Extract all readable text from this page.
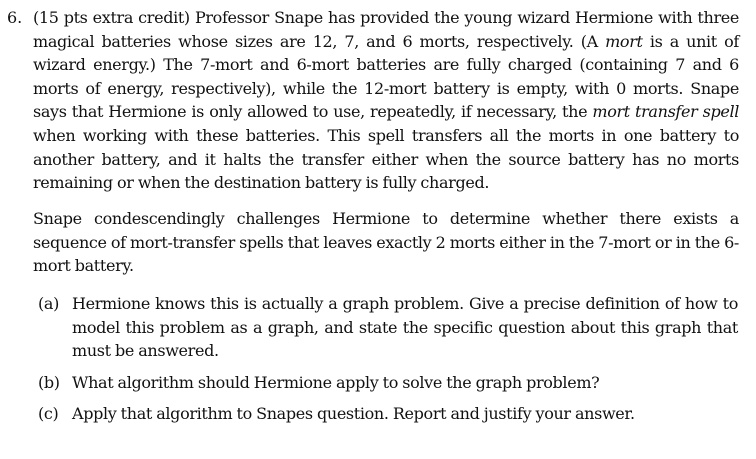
6. (15 pts extra credit) Professor Snape has provided the young wizard Hermione with three magical batteries whose sizes are 12, 7, and 6 morts, respectively. (A mort is a unit of wizard energy.) The 7-mort and 6-mort batteries are fully charged (containing 7 and 6 morts of energy, respectively), while the 12-mort battery is empty, with 0 morts. Snape says that Hermione is only allowed to use, repeatedly, if necessary, the mort transfer spell when working with these batteries. This spell transfers all the morts in one battery to another battery, and it halts the transfer either when the source battery has no morts remaining or when the destination battery is fully charged.

Snape condescendingly challenges Hermione to determine whether there exists a sequence of mort-transfer spells that leaves exactly 2 morts either in the 7-mort or in the 6-mort battery.

(a) Hermione knows this is actually a graph problem. Give a precise definition of how to model this problem as a graph, and state the specific question about this graph that must be answered.
(b) What algorithm should Hermione apply to solve the graph problem?
(c) Apply that algorithm to Snapes question. Report and justify your answer.
